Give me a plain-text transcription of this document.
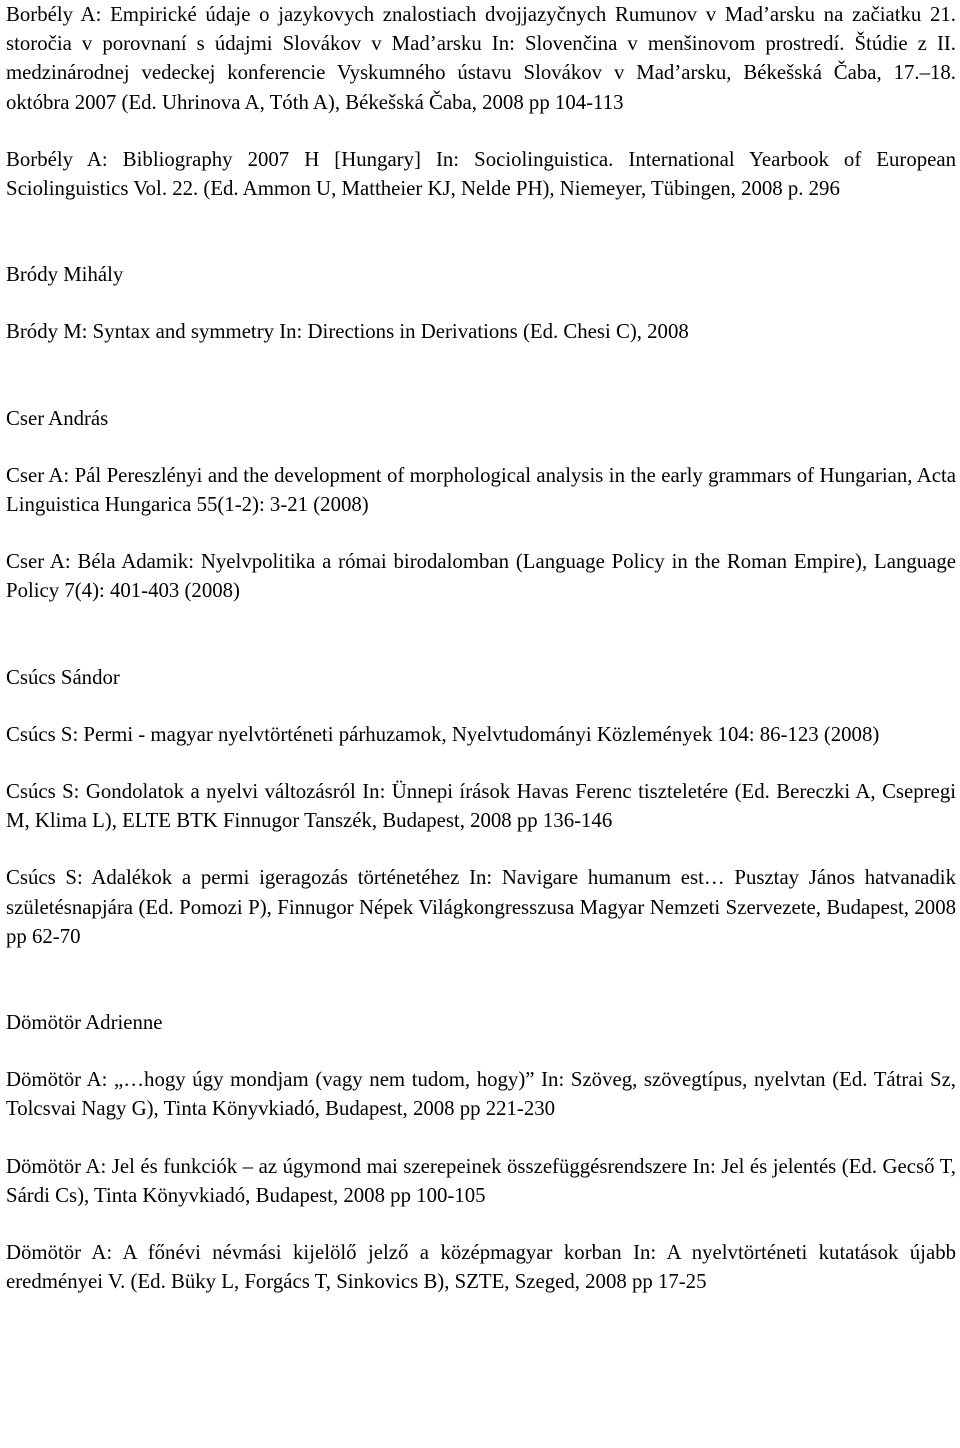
Borbély A: Empirické údaje o jazykovych znalostiach dvojjazyčnych Rumunov v Mad’arsku na začiatku 21. storočia v porovnaní s údajmi Slovákov v Mad’arsku In: Slovenčina v menšinovom prostredí. Štúdie z II. medzinárodnej vedeckej konferencie Vyskumného ústavu Slovákov v Mad’arsku, Békešská Čaba, 17.–18. októbra 2007 (Ed. Uhrinova A, Tóth A), Békešská Čaba, 2008 pp 104-113

Borbély A: Bibliography 2007 H [Hungary] In: Sociolinguistica. International Yearbook of European Sciolinguistics Vol. 22. (Ed. Ammon U, Mattheier KJ, Nelde PH), Niemeyer, Tübingen, 2008 p. 296

Bródy Mihály

Bródy M: Syntax and symmetry In: Directions in Derivations (Ed. Chesi C), 2008

Cser András

Cser A: Pál Pereszlényi and the development of morphological analysis in the early grammars of Hungarian, Acta Linguistica Hungarica 55(1-2): 3-21 (2008)

Cser A: Béla Adamik: Nyelvpolitika a római birodalomban (Language Policy in the Roman Empire), Language Policy 7(4): 401-403 (2008)

Csúcs Sándor

Csúcs S: Permi - magyar nyelvtörténeti párhuzamok, Nyelvtudományi Közlemények 104: 86-123 (2008)

Csúcs S: Gondolatok a nyelvi változásról In: Ünnepi írások Havas Ferenc tiszteletére (Ed. Bereczki A, Csepregi M, Klima L), ELTE BTK Finnugor Tanszék, Budapest, 2008 pp 136-146

Csúcs S: Adalékok a permi igeragozás történetéhez In: Navigare humanum est… Pusztay János hatvanadik születésnapjára (Ed. Pomozi P), Finnugor Népek Világkongresszusa Magyar Nemzeti Szervezete, Budapest, 2008 pp 62-70

Dömötör Adrienne

Dömötör A: „…hogy úgy mondjam (vagy nem tudom, hogy)” In: Szöveg, szövegtípus, nyelvtan (Ed. Tátrai Sz, Tolcsvai Nagy G), Tinta Könyvkiadó, Budapest, 2008 pp 221-230

Dömötör A: Jel és funkciók – az úgymond mai szerepeinek összefüggésrendszere In: Jel és jelentés (Ed. Gecső T, Sárdi Cs), Tinta Könyvkiadó, Budapest, 2008 pp 100-105

Dömötör A: A főnévi névmási kijelölő jelző a középmagyar korban In: A nyelvtörténeti kutatások újabb eredményei V. (Ed. Büky L, Forgács T, Sinkovics B), SZTE, Szeged, 2008 pp 17-25
